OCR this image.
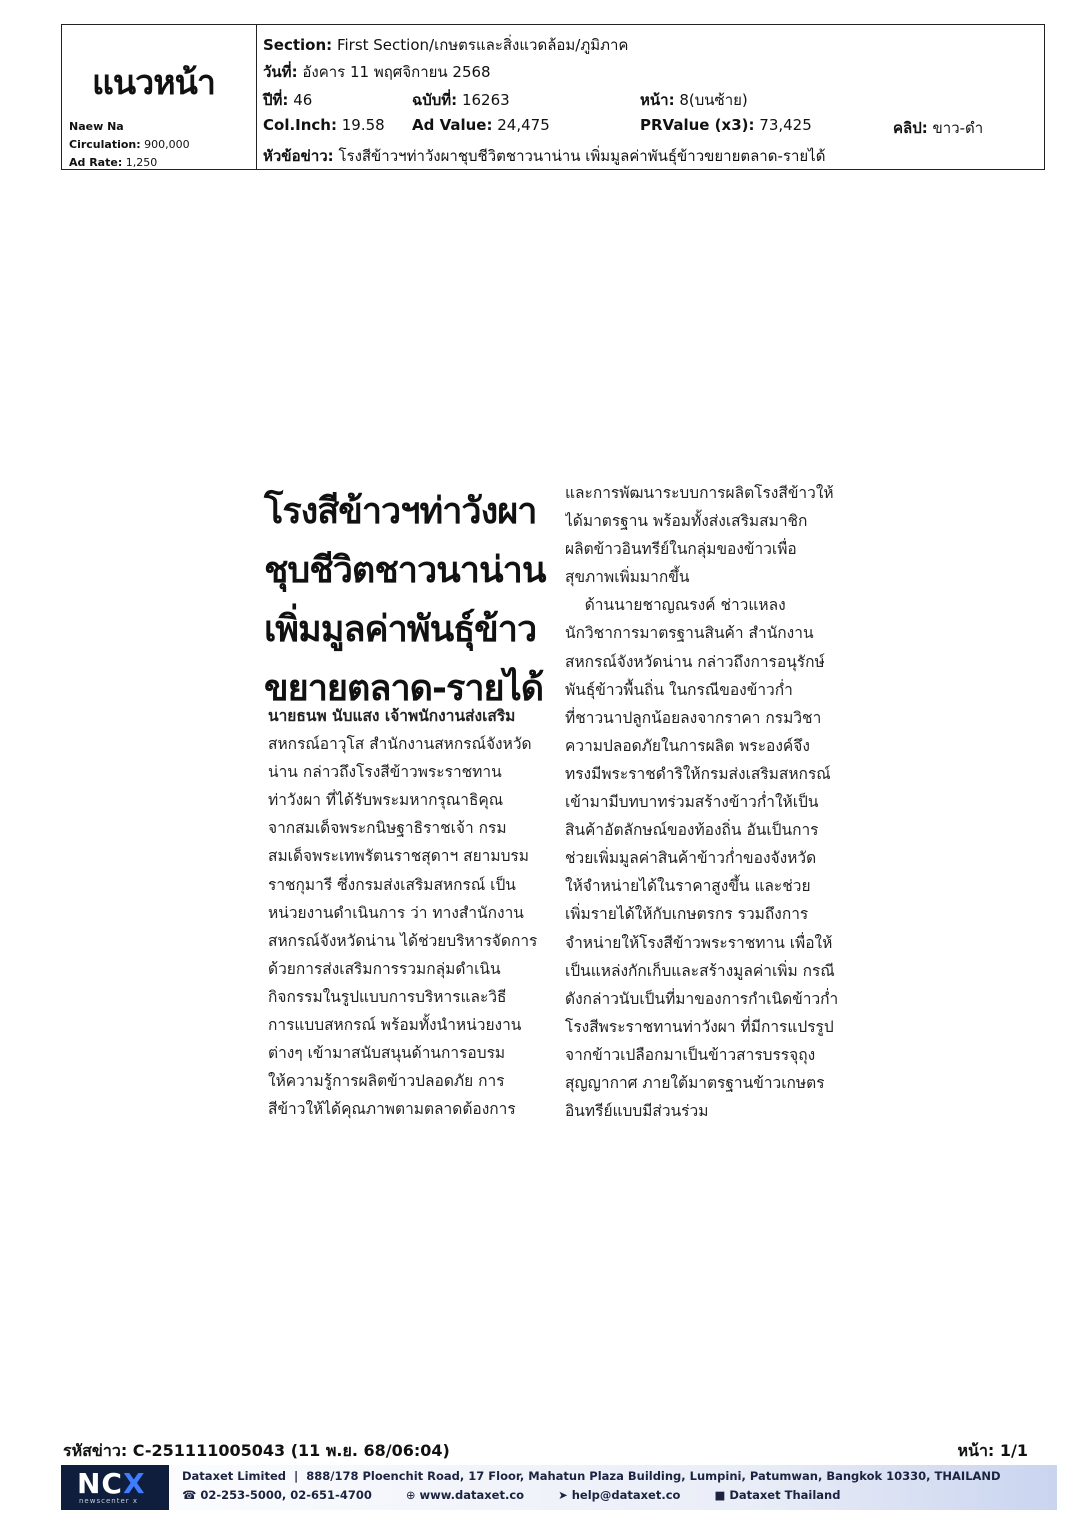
แนวหน้า
Naew Na
Circulation: 900,000
Ad Rate: 1,250
Section: First Section/เกษตรและสิ่งแวดล้อม/ภูมิภาค
วันที่: อังคาร 11 พฤศจิกายน 2568
ปีที่: 46	ฉบับที่: 16263	หน้า: 8(บนซ้าย)
Col.Inch: 19.58 Ad Value: 24,475	PRValue (x3): 73,425	คลิป: ขาว-ดำ
หัวข้อข่าว: โรงสีข้าวฯท่าวังผาชุบชีวิตชาวนาน่าน เพิ่มมูลค่าพันธุ์ข้าวขยายตลาด-รายได้
โรงสีข้าวฯท่าวังผา
ชุบชีวิตชาวนาน่าน
เพิ่มมูลค่าพันธุ์ข้าว
ขยายตลาด-รายได้
นายธนพ นับแสง เจ้าพนักงานส่งเสริม
สหกรณ์อาวุโส สำนักงานสหกรณ์จังหวัด
น่าน กล่าวถึงโรงสีข้าวพระราชทาน
ท่าวังผา ที่ได้รับพระมหากรุณาธิคุณ
จากสมเด็จพระกนิษฐาธิราชเจ้า กรม
สมเด็จพระเทพรัตนราชสุดาฯ สยามบรม
ราชกุมารี ซึ่งกรมส่งเสริมสหกรณ์ เป็น
หน่วยงานดำเนินการ ว่า ทางสำนักงาน
สหกรณ์จังหวัดน่าน ได้ช่วยบริหารจัดการ
ด้วยการส่งเสริมการรวมกลุ่มดำเนิน
กิจกรรมในรูปแบบการบริหารและวิธี
การแบบสหกรณ์ พร้อมทั้งนำหน่วยงาน
ต่างๆ เข้ามาสนับสนุนด้านการอบรม
ให้ความรู้การผลิตข้าวปลอดภัย การ
สีข้าวให้ได้คุณภาพตามตลาดต้องการ
และการพัฒนาระบบการผลิตโรงสีข้าวให้
ได้มาตรฐาน พร้อมทั้งส่งเสริมสมาชิก
ผลิตข้าวอินทรีย์ในกลุ่มของข้าวเพื่อ
สุขภาพเพิ่มมากขึ้น
ด้านนายชาญณรงค์ ช่าวแหลง
นักวิชาการมาตรฐานสินค้า สำนักงาน
สหกรณ์จังหวัดน่าน กล่าวถึงการอนุรักษ์
พันธุ์ข้าวพื้นถิ่น ในกรณีของข้าวก่ำ
ที่ชาวนาปลูกน้อยลงจากราคา กรมวิชา
ความปลอดภัยในการผลิต พระองค์จึง
ทรงมีพระราชดำริให้กรมส่งเสริมสหกรณ์
เข้ามามีบทบาทร่วมสร้างข้าวก่ำให้เป็น
สินค้าอัตลักษณ์ของท้องถิ่น อันเป็นการ
ช่วยเพิ่มมูลค่าสินค้าข้าวก่ำของจังหวัด
ให้จำหน่ายได้ในราคาสูงขึ้น และช่วย
เพิ่มรายได้ให้กับเกษตรกร รวมถึงการ
จำหน่ายให้โรงสีข้าวพระราชทาน เพื่อให้
เป็นแหล่งกักเก็บและสร้างมูลค่าเพิ่ม กรณี
ดังกล่าวนับเป็นที่มาของการกำเนิดข้าวก่ำ
โรงสีพระราชทานท่าวังผา ที่มีการแปรรูป
จากข้าวเปลือกมาเป็นข้าวสารบรรจุถุง
สุญญากาศ ภายใต้มาตรฐานข้าวเกษตร
อินทรีย์แบบมีส่วนร่วม
รหัสข่าว: C-251111005043 (11 พ.ย. 68/06:04)	หน้า: 1/1
NCX
newscenter x
Dataxet Limited | 888/178 Ploenchit Road, 17 Floor, Mahatun Plaza Building, Lumpini, Patumwan, Bangkok 10330, THAILAND
☎ 02-253-5000, 02-651-4700	⊕ www.dataxet.co	➤ help@dataxet.co	■ Dataxet Thailand
